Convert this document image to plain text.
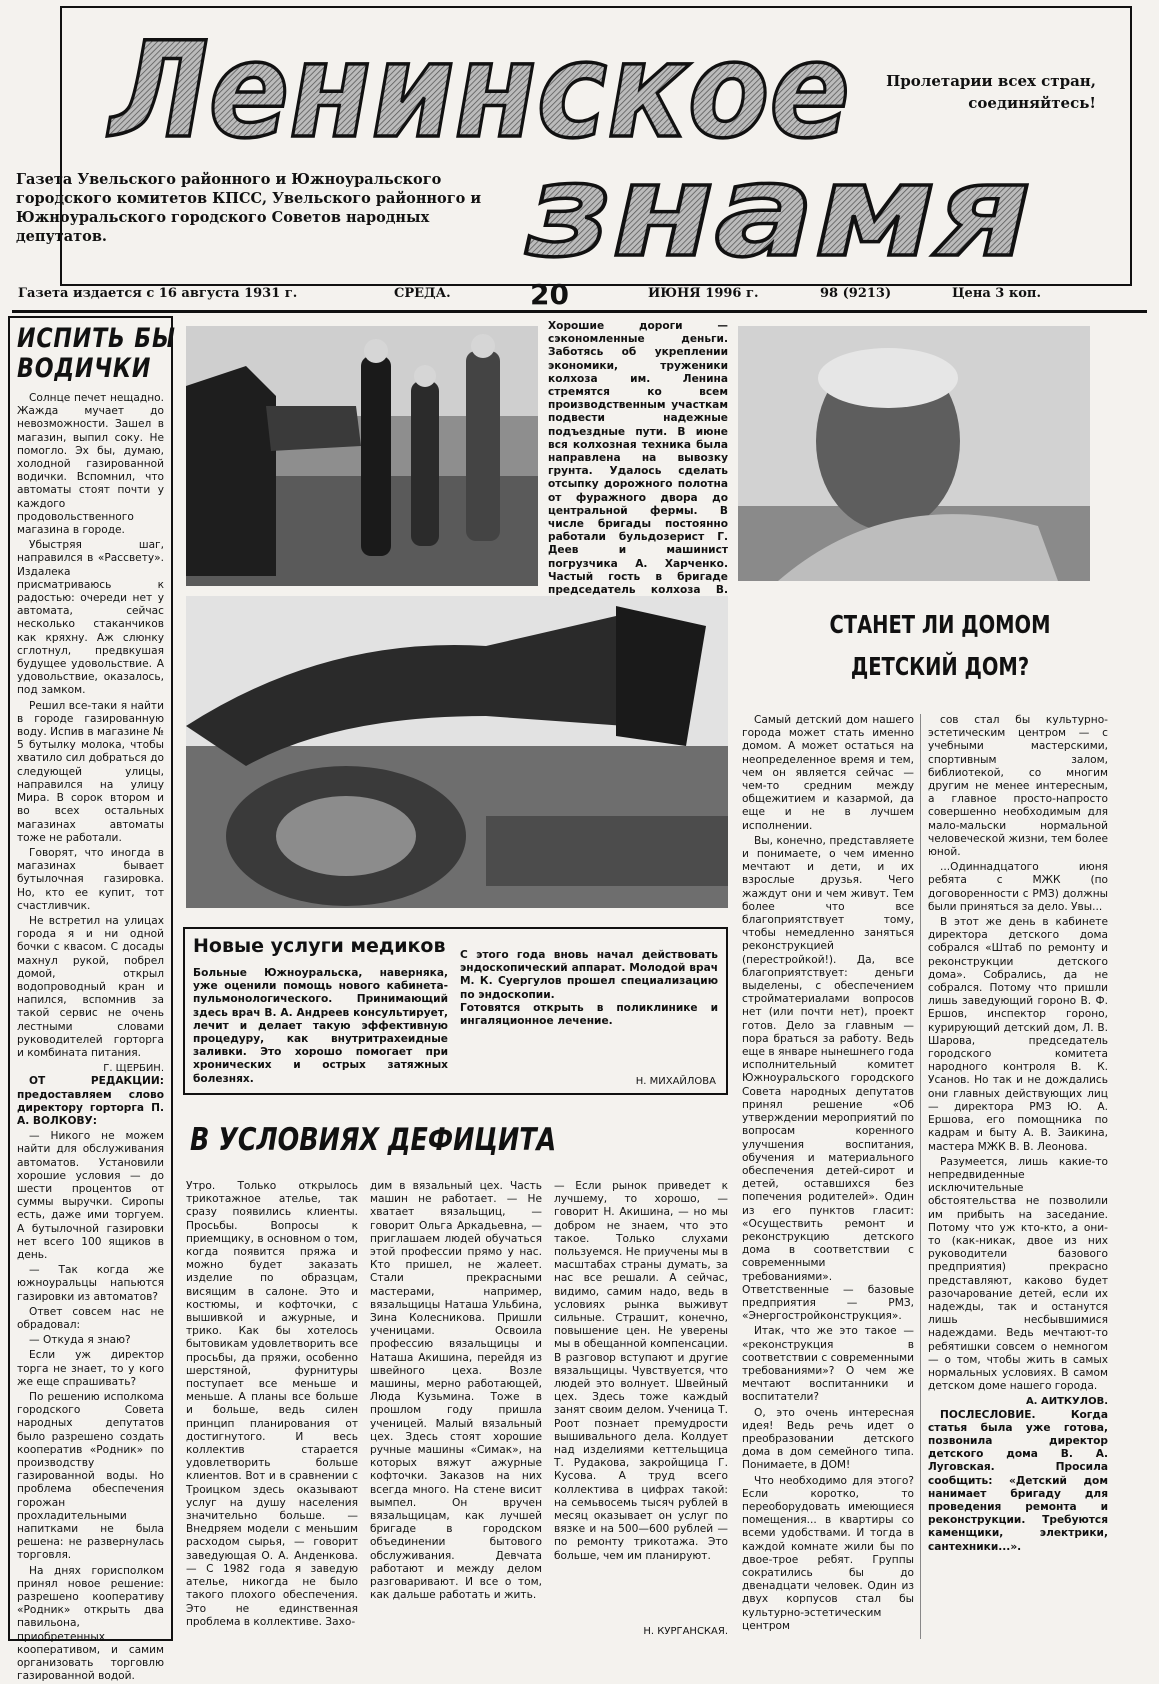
Ленинское
знамя
Пролетарии всех стран, соединяйтесь!
Газета Увельского районного и Южноуральского городского комитетов КПСС, Увельского районного и Южноуральского городского Советов народных депутатов.
Газета издается с 16 августа 1931 г.	СРЕДА.	20	ИЮНЯ 1996 г.	98 (9213)	Цена 3 коп.
ИСПИТЬ БЫ
ВОДИЧКИ

Солнце печет нещадно. Жажда мучает до невозможности. Зашел в магазин, выпил соку. Не помогло. Эх бы, думаю, холодной газированной водички. Вспомнил, что автоматы стоят почти у каждого продовольственного магазина в городе.

Убыстряя шаг, направился в «Рассвету». Издалека присматриваюсь к радостью: очереди нет у автомата, сейчас несколько стаканчиков как кряхну. Аж слюнку сглотнул, предвкушая будущее удовольствие. А удовольствие, оказалось, под замком.

Решил все-таки я найти в городе газированную воду. Испив в магазине № 5 бутылку молока, чтобы хватило сил добраться до следующей улицы, направился на улицу Мира. В сорок втором и во всех остальных магазинах автоматы тоже не работали.

Говорят, что иногда в магазинах бывает бутылочная газировка. Но, кто ее купит, тот счастливчик.

Не встретил на улицах города я и ни одной бочки с квасом. С досады махнул рукой, побрел домой, открыл водопроводный кран и напился, вспомнив за такой сервис не очень лестными словами руководителей горторга и комбината питания.

Г. ЩЕРБИН.

ОТ РЕДАКЦИИ: предоставляем слово директору горторга П. А. ВОЛКОВУ:

— Никого не можем найти для обслуживания автоматов. Установили хорошие условия — до шести процентов от суммы выручки. Сиропы есть, даже ими торгуем. А бутылочной газировки нет всего 100 ящиков в день.

— Так когда же южноуральцы напьются газировки из автоматов?

Ответ совсем нас не обрадовал:

— Откуда я знаю?

Если уж директор торга не знает, то у кого же еще спрашивать?

По решению исполкома городского Совета народных депутатов было разрешено создать кооператив «Родник» по производству газированной воды. Но проблема обеспечения горожан прохладительными напитками не была решена: не развернулась торговля.

На днях горисполком принял новое решение: разрешено кооперативу «Родник» открыть два павильона, приобретенных кооперативом, и самим организовать торговлю газированной водой.

Хорошие дороги — сэкономленные деньги. Заботясь об укреплении экономики, труженики колхоза им. Ленина стремятся ко всем производственным участкам подвести надежные подъездные пути. В июне вся колхозная техника была направлена на вывозку грунта. Удалось сделать отсыпку дорожного полотна от фуражного двора до центральной фермы. В числе бригады постоянно работали бульдозерист Г. Деев и машинист погрузчика А. Харченко. Частый гость в бригаде председатель колхоза В.
СТАНЕТ ЛИ ДОМОМ
ДЕТСКИЙ ДОМ?

Самый детский дом нашего города может стать именно домом. А может остаться на неопределенное время и тем, чем он является сейчас — чем-то средним между общежитием и казармой, да еще и не в лучшем исполнении.

Вы, конечно, представляете и понимаете, о чем именно мечтают и дети, и их взрослые друзья. Чего жаждут они и чем живут. Тем более что все благоприятствует тому, чтобы немедленно заняться реконструкцией (перестройкой!). Да, все благоприятствует: деньги выделены, с обеспечением стройматериалами вопросов нет (или почти нет), проект готов. Дело за главным — пора браться за работу. Ведь еще в январе нынешнего года исполнительный комитет Южноуральского городского Совета народных депутатов принял решение «Об утверждении мероприятий по вопросам коренного улучшения воспитания, обучения и материального обеспечения детей-сирот и детей, оставшихся без попечения родителей». Один из его пунктов гласит: «Осуществить ремонт и реконструкцию детского дома в соответствии с современными требованиями». Ответственные — базовые предприятия — РМЗ, «Энергостройконструкция».

Итак, что же это такое — «реконструкция в соответствии с современными требованиями»? О чем же мечтают воспитанники и воспитатели?

О, это очень интересная идея! Ведь речь идет о преобразовании детского дома в дом семейного типа. Понимаете, в ДОМ!

Что необходимо для этого? Если коротко, то переоборудовать имеющиеся помещения... в квартиры со всеми удобствами. И тогда в каждой комнате жили бы по двое-трое ребят. Группы сократились бы до двенадцати человек. Один из двух корпусов стал бы культурно-эстетическим центром

сов стал бы культурно-эстетическим центром — с учебными мастерскими, спортивным залом, библиотекой, со многим другим не менее интересным, а главное просто-напросто совершенно необходимым для мало-мальски нормальной человеческой жизни, тем более юной.

...Одиннадцатого июня ребята с МЖК (по договоренности с РМЗ) должны были приняться за дело. Увы...

В этот же день в кабинете директора детского дома собрался «Штаб по ремонту и реконструкции детского дома». Собрались, да не собрался. Потому что пришли лишь заведующий гороно В. Ф. Ершов, инспектор гороно, курирующий детский дом, Л. В. Шарова, председатель городского комитета народного контроля В. К. Усанов. Но так и не дождались они главных действующих лиц — директора РМЗ Ю. А. Ершова, его помощника по кадрам и быту А. В. Заикина, мастера МЖК В. В. Леонова.

Разумеется, лишь какие-то непредвиденные исключительные обстоятельства не позволили им прибыть на заседание. Потому что уж кто-кто, а они-то (как-никак, двое из них руководители базового предприятия) прекрасно представляют, каково будет разочарование детей, если их надежды, так и останутся лишь несбывшимися надеждами. Ведь мечтают-то ребятишки совсем о немногом — о том, чтобы жить в самых нормальных условиях. В самом детском доме нашего города.

А. АИТКУЛОВ.

ПОСЛЕСЛОВИЕ. Когда статья была уже готова, позвонила директор детского дома В. А. Луговская. Просила сообщить: «Детский дом нанимает бригаду для проведения ремонта и реконструкции. Требуются каменщики, электрики, сантехники...».

Новые услуги медиков
Больные Южноуральска, наверняка, уже оценили помощь нового кабинета-пульмонологического. Принимающий здесь врач В. А. Андреев консультирует, лечит и делает такую эффективную процедуру, как внутритрахеидные заливки. Это хорошо помогает при хронических и острых затяжных болезнях.
С этого года вновь начал действовать эндоскопический аппарат. Молодой врач М. К. Суергулов прошел специализацию по эндоскопии.
Готовятся открыть в поликлинике и ингаляционное лечение.
Н. МИХАЙЛОВА
В УСЛОВИЯХ ДЕФИЦИТА
Утро. Только открылось трикотажное ателье, так сразу появились клиенты. Просьбы. Вопросы к приемщику, в основном о том, когда появится пряжа и можно будет заказать изделие по образцам, висящим в салоне. Это и костюмы, и кофточки, с вышивкой и ажурные, и трико. Как бы хотелось бытовикам удовлетворить все просьбы, да пряжи, особенно шерстяной, фурнитуры поступает все меньше и меньше. А планы все больше и больше, ведь силен принцип планирования от достигнутого. И весь коллектив старается удовлетворить больше клиентов. Вот и в сравнении с Троицком здесь оказывают услуг на душу населения значительно больше. — Внедряем модели с меньшим расходом сырья, — говорит заведующая О. А. Анденкова.— С 1982 года я заведую ателье, никогда не было такого плохого обеспечения. Это не единственная проблема в коллективе. Захо-
дим в вязальный цех. Часть машин не работает. — Не хватает вязальщиц, — говорит Ольга Аркадьевна, — приглашаем людей обучаться этой профессии прямо у нас. Кто пришел, не жалеет. Стали прекрасными мастерами, например, вязальщицы Наташа Ульбина, Зина Колесникова. Пришли ученицами. Освоила профессию вязальщицы и Наташа Акишина, перейдя из швейного цеха. Возле машины, мерно работающей, Люда Кузьмина. Тоже в прошлом году пришла ученицей. Малый вязальный цех. Здесь стоят хорошие ручные машины «Симак», на которых вяжут ажурные кофточки. Заказов на них всегда много. На стене висит вымпел. Он вручен вязальщицам, как лучшей бригаде в городском объединении бытового обслуживания. Девчата работают и между делом разговаривают. И все о том, как дальше работать и жить.
— Если рынок приведет к лучшему, то хорошо, — говорит Н. Акишина, — но мы добром не знаем, что это такое. Только слухами пользуемся. Не приучены мы в масштабах страны думать, за нас все решали. А сейчас, видимо, самим надо, ведь в условиях рынка выживут сильные. Страшит, конечно, повышение цен. Не уверены мы в обещанной компенсации. В разговор вступают и другие вязальщицы. Чувствуется, что людей это волнует. Швейный цех. Здесь тоже каждый занят своим делом. Ученица Т. Роот познает премудрости вышивального дела. Колдует над изделиями кеттельщица Т. Рудакова, закройщица Г. Кусова. А труд всего коллектива в цифрах такой: на семьвосемь тысяч рублей в месяц оказывает он услуг по вязке и на 500—600 рублей — по ремонту трикотажа. Это больше, чем им планируют.
Н. КУРГАНСКАЯ.
